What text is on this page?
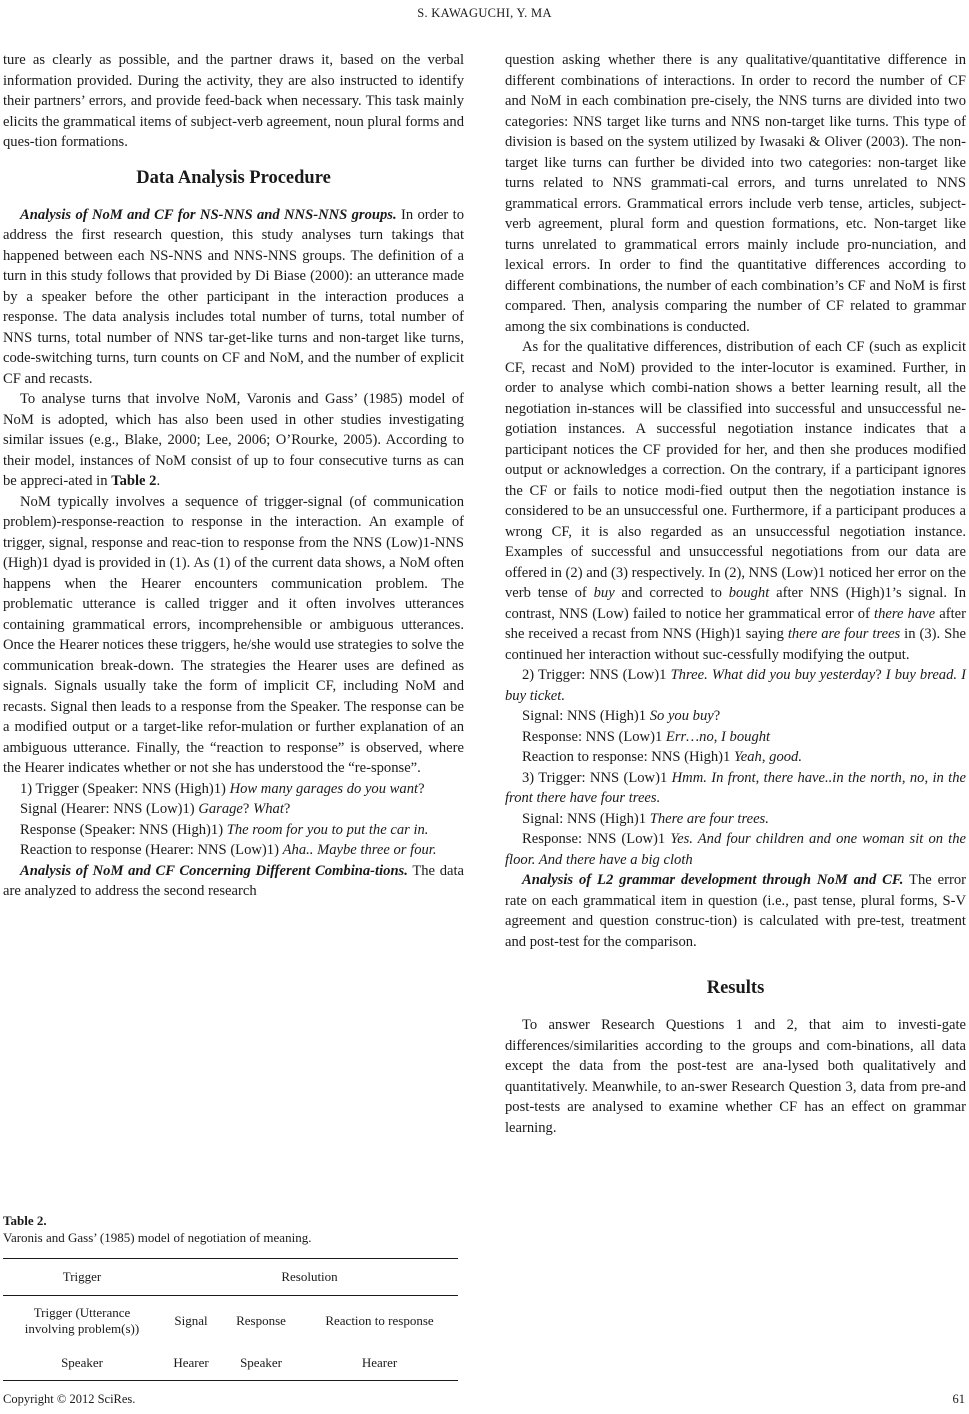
S. KAWAGUCHI, Y. MA

ture as clearly as possible, and the partner draws it, based on the verbal information provided. During the activity, they are also instructed to identify their partners’ errors, and provide feed-back when necessary. This task mainly elicits the grammatical items of subject-verb agreement, noun plural forms and ques-tion formations.

Data Analysis Procedure

Analysis of NoM and CF for NS-NNS and NNS-NNS groups. In order to address the first research question, this study analyses turn takings that happened between each NS-NNS and NNS-NNS groups. The definition of a turn in this study follows that provided by Di Biase (2000): an utterance made by a speaker before the other participant in the interaction produces a response. The data analysis includes total number of turns, total number of NNS turns, total number of NNS tar-get-like turns and non-target like turns, code-switching turns, turn counts on CF and NoM, and the number of explicit CF and recasts.

To analyse turns that involve NoM, Varonis and Gass’ (1985) model of NoM is adopted, which has also been used in other studies investigating similar issues (e.g., Blake, 2000; Lee, 2006; O’Rourke, 2005). According to their model, instances of NoM consist of up to four consecutive turns as can be appreci-ated in Table 2.

NoM typically involves a sequence of trigger-signal (of communication problem)-response-reaction to response in the interaction. An example of trigger, signal, response and reac-tion to response from the NNS (Low)1-NNS (High)1 dyad is provided in (1). As (1) of the current data shows, a NoM often happens when the Hearer encounters communication problem. The problematic utterance is called trigger and it often involves utterances containing grammatical errors, incomprehensible or ambiguous utterances. Once the Hearer notices these triggers, he/she would use strategies to solve the communication break-down. The strategies the Hearer uses are defined as signals. Signals usually take the form of implicit CF, including NoM and recasts. Signal then leads to a response from the Speaker. The response can be a modified output or a target-like refor-mulation or further explanation of an ambiguous utterance. Finally, the “reaction to response” is observed, where the Hearer indicates whether or not she has understood the “re-sponse”.

1) Trigger (Speaker: NNS (High)1) How many garages do you want?

Signal (Hearer: NNS (Low)1) Garage? What?

Response (Speaker: NNS (High)1) The room for you to put the car in.

Reaction to response (Hearer: NNS (Low)1) Aha.. Maybe three or four.

Analysis of NoM and CF Concerning Different Combina-tions. The data are analyzed to address the second research

Table 2.
Varonis and Gass’ (1985) model of negotiation of meaning.
Trigger	Resolution		
Trigger (Utterance involving problem(s))	Signal	Response	Reaction to response
Speaker	Hearer	Speaker	Hearer

question asking whether there is any qualitative/quantitative difference in different combinations of interactions. In order to record the number of CF and NoM in each combination pre-cisely, the NNS turns are divided into two categories: NNS target like turns and NNS non-target like turns. This type of division is based on the system utilized by Iwasaki & Oliver (2003). The non-target like turns can further be divided into two categories: non-target like turns related to NNS grammati-cal errors, and turns unrelated to NNS grammatical errors. Grammatical errors include verb tense, articles, subject-verb agreement, plural form and question formations, etc. Non-target like turns unrelated to grammatical errors mainly include pro-nunciation, and lexical errors. In order to find the quantitative differences according to different combinations, the number of each combination’s CF and NoM is first compared. Then, analysis comparing the number of CF related to grammar among the six combinations is conducted.

As for the qualitative differences, distribution of each CF (such as explicit CF, recast and NoM) provided to the inter-locutor is examined. Further, in order to analyse which combi-nation shows a better learning result, all the negotiation in-stances will be classified into successful and unsuccessful ne-gotiation instances. A successful negotiation instance indicates that a participant notices the CF provided for her, and then she produces modified output or acknowledges a correction. On the contrary, if a participant ignores the CF or fails to notice modi-fied output then the negotiation instance is considered to be an unsuccessful one. Furthermore, if a participant produces a wrong CF, it is also regarded as an unsuccessful negotiation instance. Examples of successful and unsuccessful negotiations from our data are offered in (2) and (3) respectively. In (2), NNS (Low)1 noticed her error on the verb tense of buy and corrected to bought after NNS (High)1’s signal. In contrast, NNS (Low) failed to notice her grammatical error of there have after she received a recast from NNS (High)1 saying there are four trees in (3). She continued her interaction without suc-cessfully modifying the output.

2) Trigger: NNS (Low)1 Three. What did you buy yesterday? I buy bread. I buy ticket.

Signal: NNS (High)1 So you buy?

Response: NNS (Low)1 Err…no, I bought

Reaction to response: NNS (High)1 Yeah, good.

3) Trigger: NNS (Low)1 Hmm. In front, there have..in the north, no, in the front there have four trees.

Signal: NNS (High)1 There are four trees.

Response: NNS (Low)1 Yes. And four children and one woman sit on the floor. And there have a big cloth

Analysis of L2 grammar development through NoM and CF. The error rate on each grammatical item in question (i.e., past tense, plural forms, S-V agreement and question construc-tion) is calculated with pre-test, treatment and post-test for the comparison.

Results

To answer Research Questions 1 and 2, that aim to investi-gate differences/similarities according to the groups and com-binations, all data except the data from the post-test are ana-lysed both qualitatively and quantitatively. Meanwhile, to an-swer Research Question 3, data from pre-and post-tests are analysed to examine whether CF has an effect on grammar learning.

Copyright © 2012 SciRes.	61
